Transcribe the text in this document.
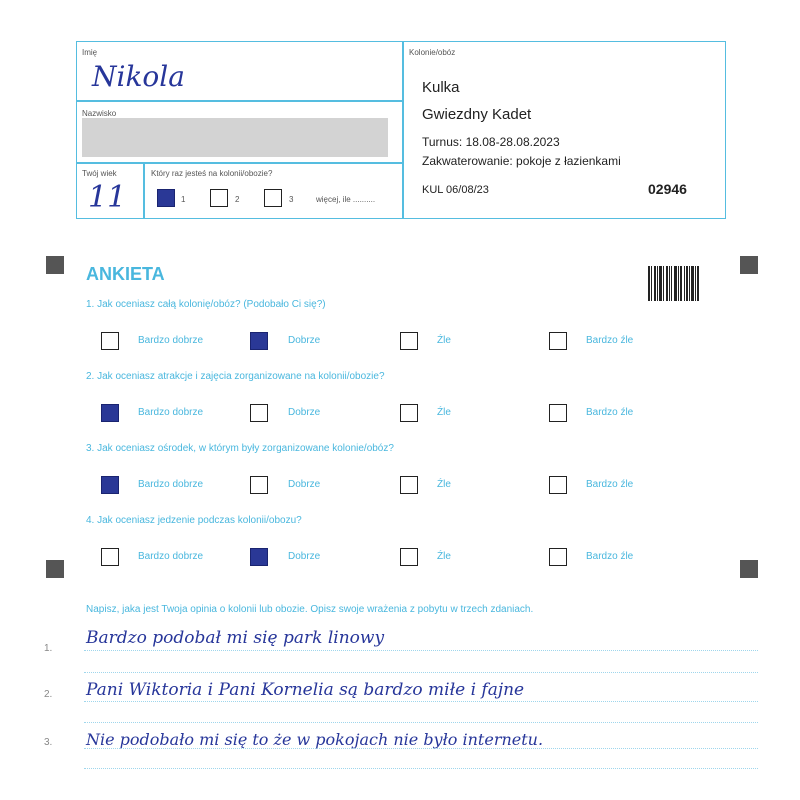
Imię
Nikola
Nazwisko
Twój wiek
11
Który raz jesteś na kolonii/obozie?
1	2	3	więcej, ile ..........
Kolonie/obóz
Kulka
Gwiezdny Kadet
Turnus: 18.08-28.08.2023
Zakwaterowanie: pokoje z łazienkami
KUL 06/08/23	02946
ANKIETA
1. Jak oceniasz całą kolonię/obóz? (Podobało Ci się?)
2. Jak oceniasz atrakcje i zajęcia zorganizowane na kolonii/obozie?
3. Jak oceniasz ośrodek, w którym były zorganizowane kolonie/obóz?
4. Jak oceniasz jedzenie podczas kolonii/obozu?
Bardzo dobrze	Dobrze	Źle	Bardzo źle
Bardzo dobrze	Dobrze	Źle	Bardzo źle
Bardzo dobrze	Dobrze	Źle	Bardzo źle
Bardzo dobrze	Dobrze	Źle	Bardzo źle
Napisz, jaka jest Twoja opinia o kolonii lub obozie. Opisz swoje wrażenia z pobytu w trzech zdaniach.
1.
Bardzo podobał mi się park linowy
2. Pani Wiktoria i Pani Kornelia są bardzo miłe i fajne
3. Nie podobało mi się to że w pokojach nie było internetu.
